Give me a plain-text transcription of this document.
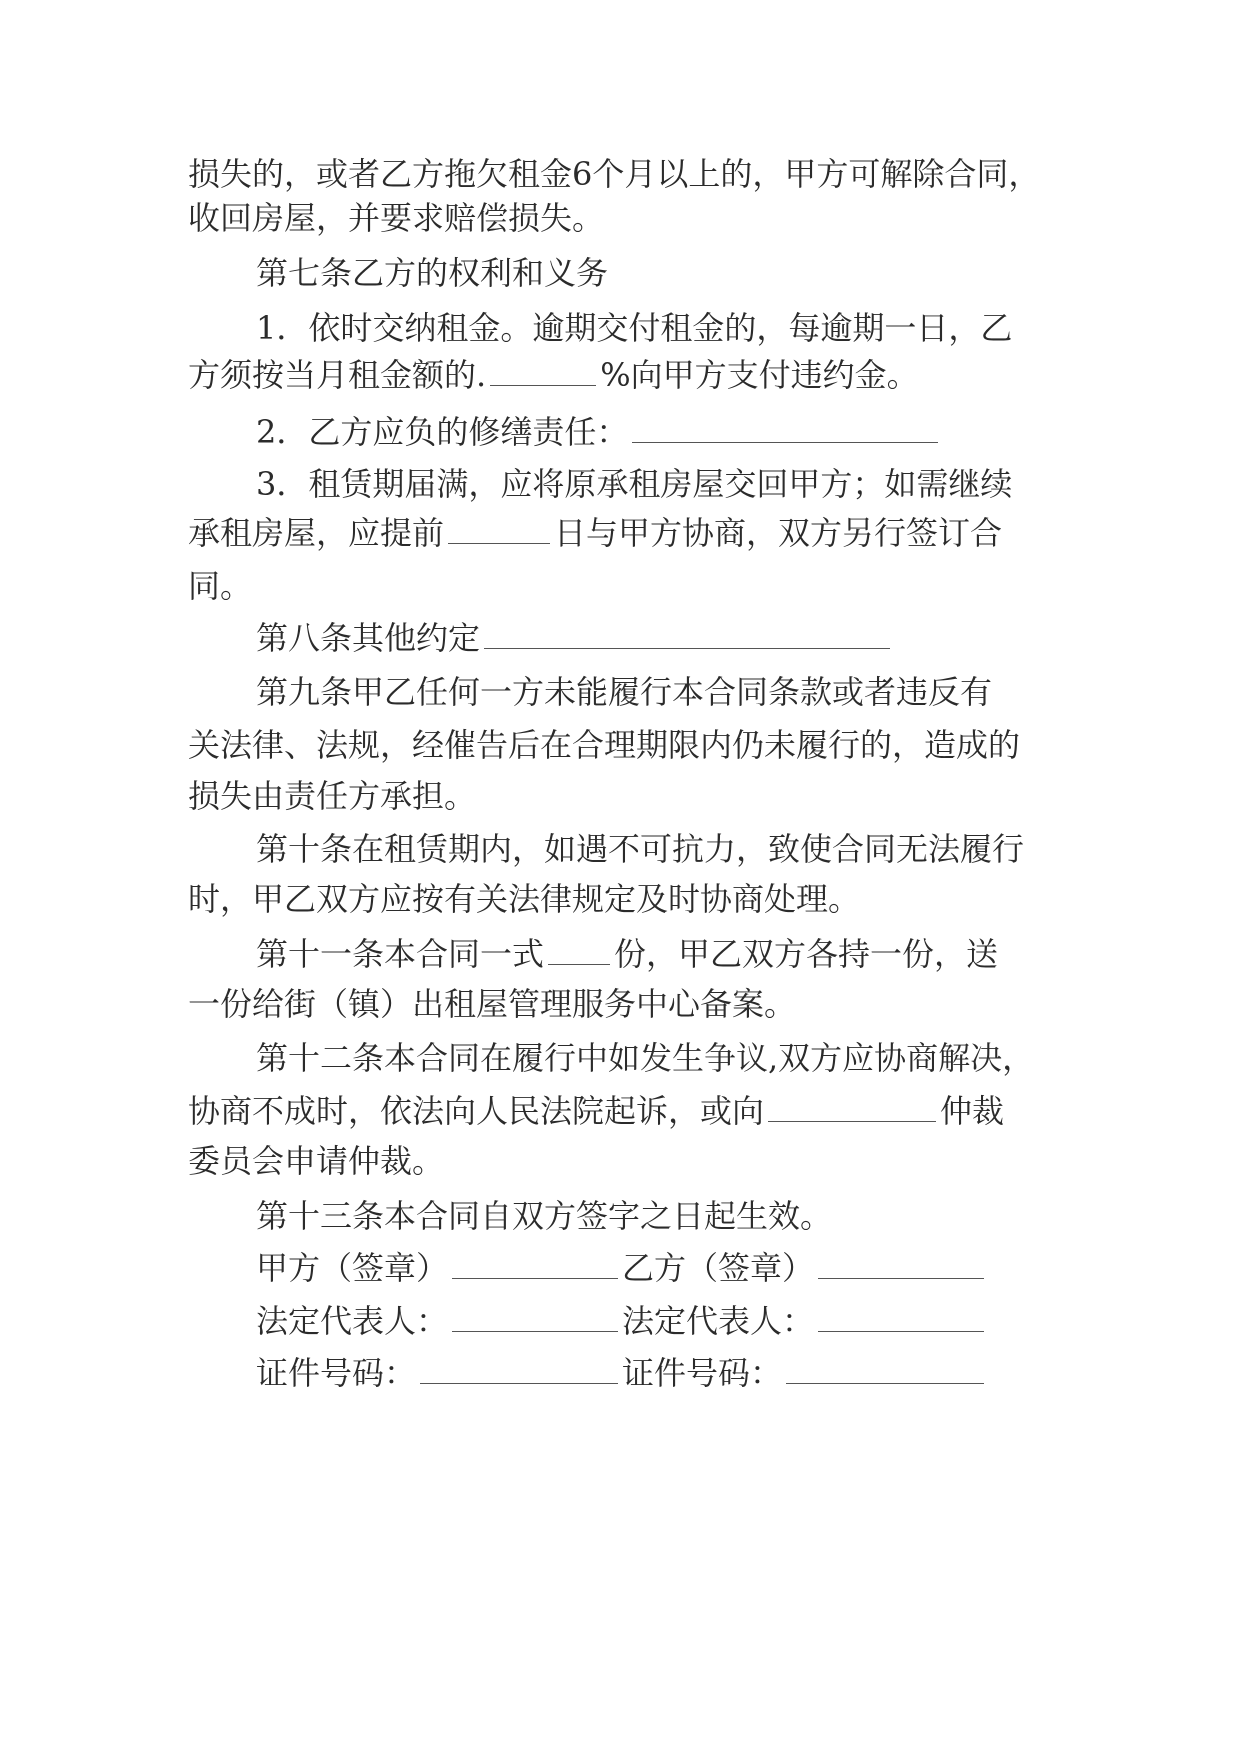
损失的，或者乙方拖欠租金6个月以上的，甲方可解除合同，
收回房屋，并要求赔偿损失。
第七条乙方的权利和义务
1．依时交纳租金。逾期交付租金的，每逾期一日，乙
方须按当月租金额的.	%向甲方支付违约金。
2．乙方应负的修缮责任：
3．租赁期届满，应将原承租房屋交回甲方；如需继续
承租房屋，应提前	日与甲方协商，双方另行签订合
同。
第八条其他约定
第九条甲乙任何一方未能履行本合同条款或者违反有
关法律、法规，经催告后在合理期限内仍未履行的，造成的
损失由责任方承担。
第十条在租赁期内，如遇不可抗力，致使合同无法履行
时，甲乙双方应按有关法律规定及时协商处理。
第十一条本合同一式 份，甲乙双方各持一份，送
一份给街（镇）出租屋管理服务中心备案。
第十二条本合同在履行中如发生争议,双方应协商解决，
协商不成时，依法向人民法院起诉，或向	仲裁
委员会申请仲裁。
第十三条本合同自双方签字之日起生效。
甲方（签章）	乙方（签章）
法定代表人：	法定代表人：
证件号码：	证件号码：
